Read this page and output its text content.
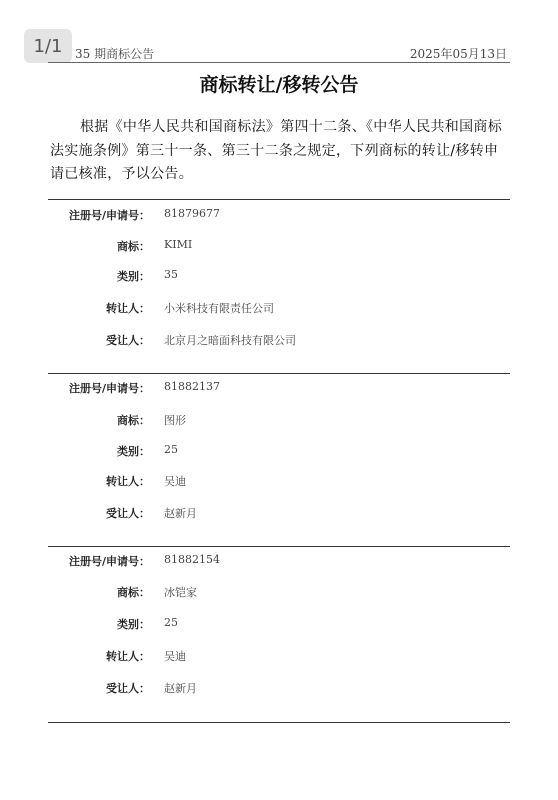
1/1	35 期商标公告	2025年05月13日
商标转让/移转公告
根据《中华人民共和国商标法》第四十二条、《中华人民共和国商标法实施条例》第三十一条、第三十二条之规定，下列商标的转让/移转申请已核准，予以公告。
注册号/申请号： 81879677
商标： KIMI
类别： 35
转让人： 小米科技有限责任公司
受让人： 北京月之暗面科技有限公司
注册号/申请号： 81882137
商标： 图形
类别： 25
转让人： 吴迪
受让人： 赵新月
注册号/申请号： 81882154
商标： 冰铠家
类别： 25
转让人： 吴迪
受让人： 赵新月
